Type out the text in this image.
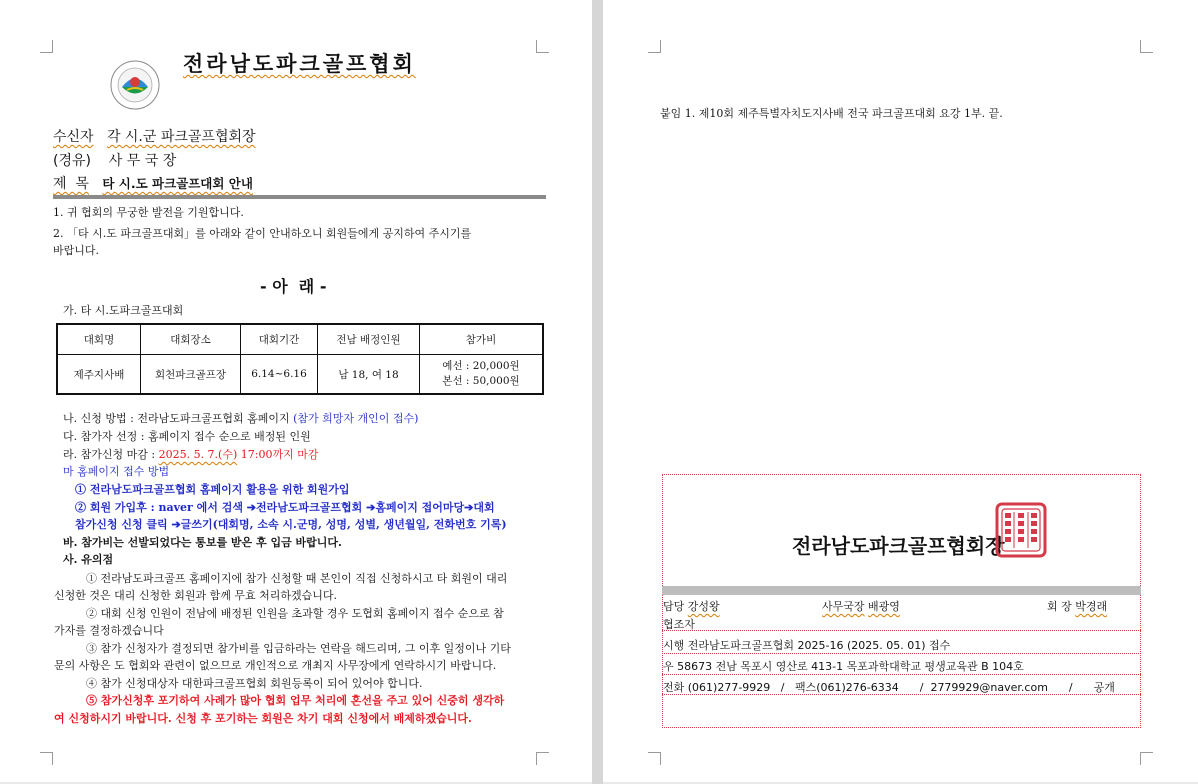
전라남도파크골프협회
수신자 각 시.군 파크골프협회장
(경유) 사 무 국 장
제  목 타 시.도 파크골프대회 안내
1. 귀 협회의 무궁한 발전을 기원합니다.
2. 「타 시.도 파크골프대회」를 아래와 같이 안내하오니 회원들에게 공지하여 주시기를
바랍니다.
- 아  래 -
가. 타 시.도파크골프대회
대회명	대회장소	대회기간	전남 배정인원	참가비
제주지사배	회천파크골프장	6.14~6.16	남 18, 여 18	예선 : 20,000원
본선 : 50,000원
나. 신청 방법 : 전라남도파크골프협회 홈페이지 (참가 희망자 개인이 접수)
다. 참가자 선정 : 홈페이지 접수 순으로 배정된 인원
라. 참가신청 마감 : 2025. 5. 7.(수) 17:00까지 마감
마 홈페이지 접수 방법
① 전라남도파크골프협회 홈페이지 활용을 위한 회원가입
② 회원 가입후 : naver 에서 검색 ➔전라남도파크골프협회 ➔홈페이지 접어마당➔대회
참가신청 신청 클릭 ➔글쓰기(대회명, 소속 시.군명, 성명, 성별, 생년월일, 전화번호 기록)
바. 참가비는 선발되었다는 통보를 받은 후 입금 바랍니다.
사. 유의점
① 전라남도파크골프 홈페이지에 참가 신청할 때 본인이 직접 신청하시고 타 회원이 대리
신청한 것은 대리 신청한 회원과 함께 무효 처리하겠습니다.
② 대회 신청 인원이 전남에 배정된 인원을 초과할 경우 도협회 홈페이지 접수 순으로 참
가자를 결정하겠습니다
③ 참가 신청자가 결정되면 참가비를 입금하라는 연락을 해드리며, 그 이후 일정이나 기타
문의 사항은 도 협회와 관련이 없으므로 개인적으로 개최지 사무장에게 연락하시기 바랍니다.
④ 참가 신청대상자 대한파크골프협회 회원등록이 되어 있어야 합니다.
⑤ 참가신청후 포기하여 사례가 많아 협회 업무 처리에 혼선을 주고 있어 신중히 생각하
여 신청하시기 바랍니다. 신청 후 포기하는 회원은 차기 대회 신청에서 배제하겠습니다.
붙임 1. 제10회 제주특별자치도지사배 전국 파크골프대회 요강 1부. 끝.
전라남도파크골프협회장
담당 강성왕	사무국장 배광영	회 장 박경래
협조자
시행 전라남도파크골프협회 2025-16 (2025. 05. 01) 접수
우 58673 전남 목포시 영산로 413-1 목포과학대학교 평생교육관 B 104호
전화 (061)277-9929   /   팩스(061)276-6334      /  2779929@naver.com      /      공개
